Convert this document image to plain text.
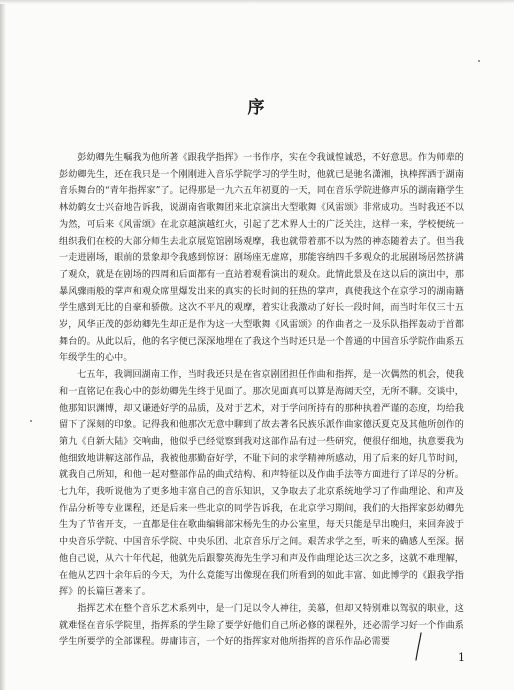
序

彭幼卿先生嘱我为他所著《跟我学指挥》一书作序，实在令我诚惶诚恐，不好意思。作为师辈的彭幼卿先生，还在我只是一个刚刚进入音乐学院学习的学生时，他就已是驰名潇湘，执棒挥洒于湖南音乐舞台的“青年指挥家”了。记得那是一九六五年初夏的一天，同在音乐学院进修声乐的湖南籍学生林幼鹤女士兴奋地告诉我，说湖南省歌舞团来北京演出大型歌舞《风雷颂》非常成功。当时我还不以为然，可后来《风雷颂》在北京越演越红火，引起了艺术界人士的广泛关注，这样一来，学校便统一组织我们在校的大部分师生去北京展览馆剧场观摩，我也就带着那不以为然的神态随着去了。但当我一走进剧场，眼前的景象却令我感到惊讶：剧场座无虚席，那能容纳四千多观众的北展剧场居然挤满了观众，就是在剧场的四周和后面都有一直站着观看演出的观众。此情此景及在这以后的演出中，那暴风骤雨般的掌声和观众席里爆发出来的真实的长时间的狂热的掌声，真使我这个在京学习的湖南籍学生感到无比的自豪和骄傲。这次不平凡的观摩，着实让我激动了好长一段时间，而当时年仅三十五岁，风华正茂的彭幼卿先生却正是作为这一大型歌舞《风雷颂》的作曲者之一及乐队指挥轰动于首都舞台的。从此以后，他的名字便已深深地埋在了我这个当时还只是一个普通的中国音乐学院作曲系五年级学生的心中。

七五年，我调回湖南工作，当时我还只是在省京剧团担任作曲和指挥，是一次偶然的机会，使我和一直铭记在我心中的彭幼卿先生终于见面了。那次见面真可以算是海阔天空，无所不聊。交谈中，他那知识渊博，却又谦逊好学的品质，及对于艺术，对于学问所持有的那种执着严谨的态度，均给我留下了深刻的印象。记得我和他那次无意中聊到了故去著名民族乐派作曲家德沃夏克及其他所创作的第九《自新大陆》交响曲，他似乎已经觉察到我对这部作品有过一些研究，便很仔细地，执意要我为他细致地讲解这部作品，我被他那勤奋好学，不耻下问的求学精神所感动，用了后来的好几节时间，就我自己所知，和他一起对整部作品的曲式结构、和声特征以及作曲手法等方面进行了详尽的分析。七九年，我听说他为了更多地丰富自己的音乐知识，又争取去了北京系统地学习了作曲理论、和声及作品分析等专业课程，还是后来一些北京的同学告诉我，在北京学习期间，我们的大指挥家彭幼卿先生为了节省开支，一直都是住在歌曲编辑部宋杨先生的办公室里，每天只能是早出晚归，来回奔波于中央音乐学院、中国音乐学院、中央乐团、北京音乐厅之间。艰苦求学之至，听来的确感人至深。据他自己说，从六十年代起，他就先后跟黎英海先生学习和声及作曲理论达三次之多，这就不难理解，在他从艺四十余年后的今天，为什么竟能写出像现在我们所看到的如此丰富、如此博学的《跟我学指挥》的长篇巨著来了。

指挥艺术在整个音乐艺术系列中，是一门足以令人神往，美慕，但却又特别难以驾驭的职业，这就难怪在音乐学院里，指挥系的学生除了要学好他们自己所必修的课程外，还必需学习好一个作曲系学生所要学的全部课程。毋庸讳言，一个好的指挥家对他所指挥的音乐作品必需要

1
